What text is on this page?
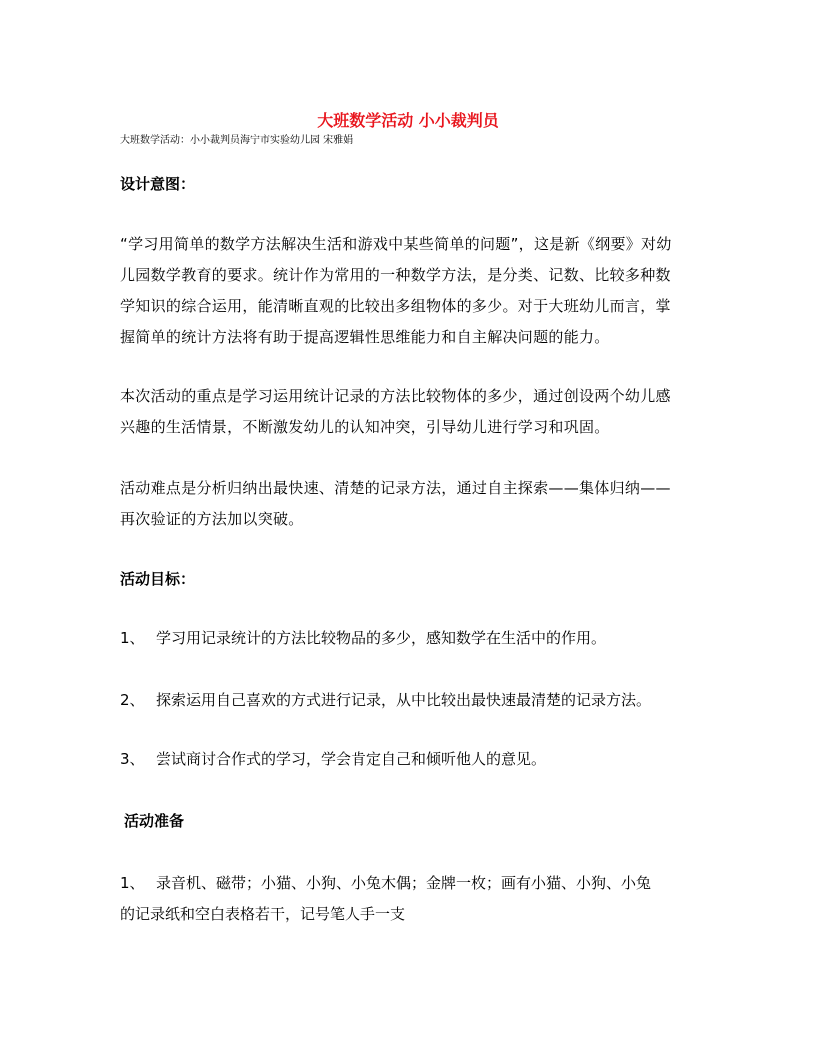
大班数学活动 小小裁判员
大班数学活动：小小裁判员海宁市实验幼儿园 宋雅娟
设计意图：
“学习用简单的数学方法解决生活和游戏中某些简单的问题”，这是新《纲要》对幼
儿园数学教育的要求。统计作为常用的一种数学方法，是分类、记数、比较多种数
学知识的综合运用，能清晰直观的比较出多组物体的多少。对于大班幼儿而言，掌
握简单的统计方法将有助于提高逻辑性思维能力和自主解决问题的能力。
本次活动的重点是学习运用统计记录的方法比较物体的多少，通过创设两个幼儿感
兴趣的生活情景，不断激发幼儿的认知冲突，引导幼儿进行学习和巩固。
活动难点是分析归纳出最快速、清楚的记录方法，通过自主探索——集体归纳——
再次验证的方法加以突破。
活动目标：
1、 学习用记录统计的方法比较物品的多少，感知数学在生活中的作用。
2、 探索运用自己喜欢的方式进行记录，从中比较出最快速最清楚的记录方法。
3、 尝试商讨合作式的学习，学会肯定自己和倾听他人的意见。
活动准备
1、 录音机、磁带；小猫、小狗、小兔木偶；金牌一枚；画有小猫、小狗、小兔
的记录纸和空白表格若干，记号笔人手一支
